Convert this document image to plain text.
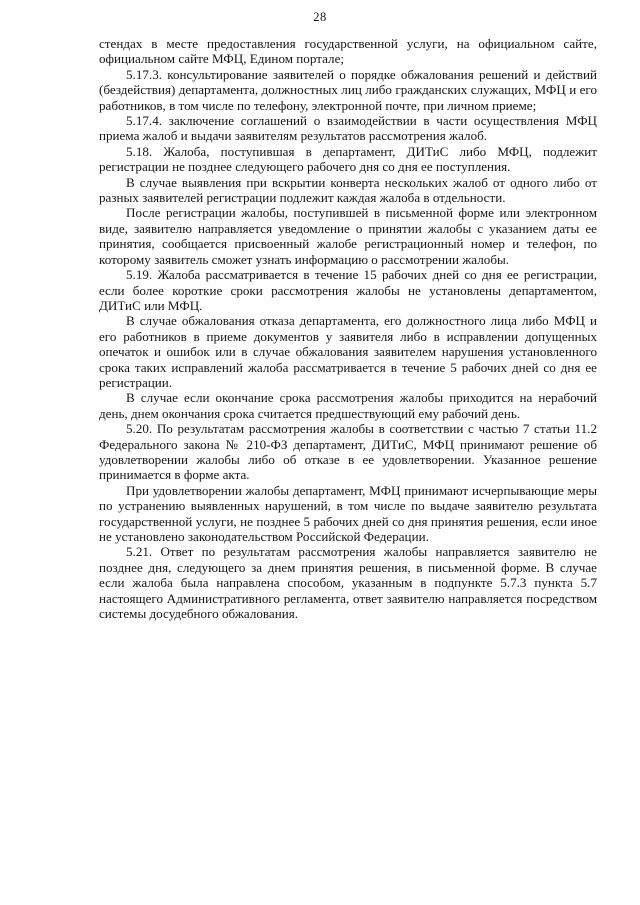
28

стендах в месте предоставления государственной услуги, на официальном сайте, официальном сайте МФЦ, Едином портале;

5.17.3. консультирование заявителей о порядке обжалования решений и действий (бездействия) департамента, должностных лиц либо гражданских служащих, МФЦ и его работников, в том числе по телефону, электронной почте, при личном приеме;

5.17.4. заключение соглашений о взаимодействии в части осуществления МФЦ приема жалоб и выдачи заявителям результатов рассмотрения жалоб.

5.18. Жалоба, поступившая в департамент, ДИТиС либо МФЦ, подлежит регистрации не позднее следующего рабочего дня со дня ее поступления.

В случае выявления при вскрытии конверта нескольких жалоб от одного либо от разных заявителей регистрации подлежит каждая жалоба в отдельности.

После регистрации жалобы, поступившей в письменной форме или электронном виде, заявителю направляется уведомление о принятии жалобы с указанием даты ее принятия, сообщается присвоенный жалобе регистрационный номер и телефон, по которому заявитель сможет узнать информацию о рассмотрении жалобы.

5.19. Жалоба рассматривается в течение 15 рабочих дней со дня ее регистрации, если более короткие сроки рассмотрения жалобы не установлены департаментом, ДИТиС или МФЦ.

В случае обжалования отказа департамента, его должностного лица либо МФЦ и его работников в приеме документов у заявителя либо в исправлении допущенных опечаток и ошибок или в случае обжалования заявителем нарушения установленного срока таких исправлений жалоба рассматривается в течение 5 рабочих дней со дня ее регистрации.

В случае если окончание срока рассмотрения жалобы приходится на нерабочий день, днем окончания срока считается предшествующий ему рабочий день.

5.20. По результатам рассмотрения жалобы в соответствии с частью 7 статьи 11.2 Федерального закона № 210-ФЗ департамент, ДИТиС, МФЦ принимают решение об удовлетворении жалобы либо об отказе в ее удовлетворении. Указанное решение принимается в форме акта.

При удовлетворении жалобы департамент, МФЦ принимают исчерпывающие меры по устранению выявленных нарушений, в том числе по выдаче заявителю результата государственной услуги, не позднее 5 рабочих дней со дня принятия решения, если иное не установлено законодательством Российской Федерации.

5.21. Ответ по результатам рассмотрения жалобы направляется заявителю не позднее дня, следующего за днем принятия решения, в письменной форме. В случае если жалоба была направлена способом, указанным в подпункте 5.7.3 пункта 5.7 настоящего Административного регламента, ответ заявителю направляется посредством системы досудебного обжалования.
